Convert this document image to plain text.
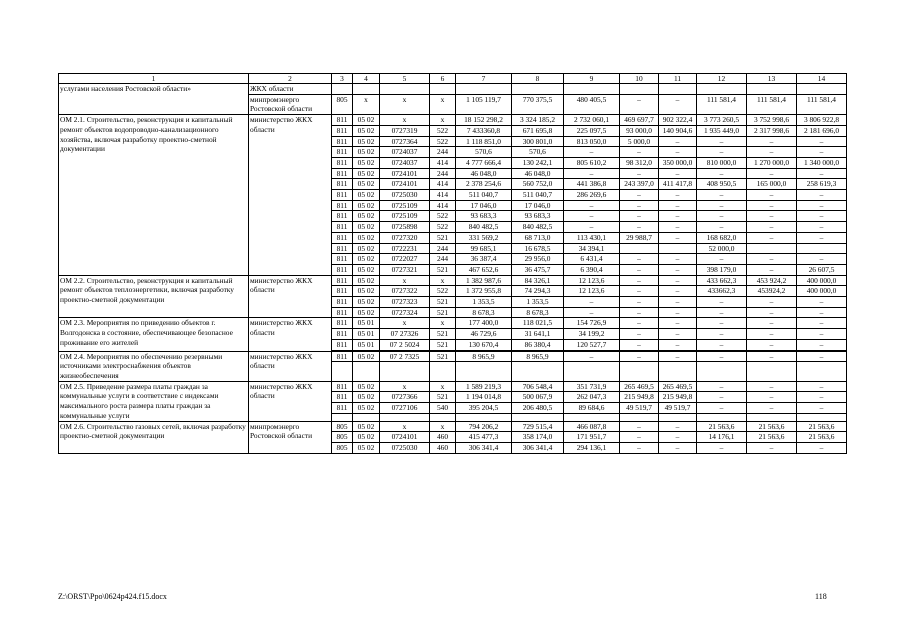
1	2	3	4	5	6	7	8	9	10	11	12	13	14
услугами населения Ростовской области»	ЖКХ области												
	минпромэнерго Ростовской области	805	х	х	х	1 105 119,7	770 375,5	480 405,5	–	–	111 581,4	111 581,4	111 581,4
ОМ 2.1. Строительство, реконструкция и капитальный ремонт объектов водопроводно-канализационного хозяйства, включая разработку проектно-сметной документации	министерство ЖКХ области	811	05 02	х	х	18 152 298,2	3 324 185,2	2 732 060,1	469 697,7	902 322,4	3 773 260,5	3 752 998,6	3 806 922,8
		811	05 02	0727319	522	7 433360,8	671 695,8	225 097,5	93 000,0	140 904,6	1 935 449,0	2 317 998,6	2 181 696,0
		811	05 02	0727364	522	1 118 851,0	300 801,0	813 050,0	5 000,0	–	–	–	–
		811	05 02	0724037	244	570,6	570,6	–	–	–	–	–	–
		811	05 02	0724037	414	4 777 666,4	130 242,1	805 610,2	98 312,0	350 000,0	810 000,0	1 270 000,0	1 340 000,0
		811	05 02	0724101	244	46 048,0	46 048,0	–	–	–	–	–	–
		811	05 02	0724101	414	2 378 254,6	560 752,0	441 386,8	243 397,0	411 417,8	408 950,5	165 000,0	258 619,3
		811	05 02	0725030	414	511 040,7	511 040,7	286 269,6	–	–	–	–	–
		811	05 02	0725109	414	17 046,0	17 046,0	–	–	–	–	–	–
		811	05 02	0725109	522	93 683,3	93 683,3	–	–	–	–	–	–
		811	05 02	0725898	522	840 482,5	840 482,5	–	–	–	–	–	–
		811	05 02	0727320	521	331 569,2	68 713,0	113 430,1	29 988,7	–	168 682,0	–	–
		811	05 02	0722231	244	99 685,1	16 678,5	34 394,1			52 000,0		
		811	05 02	0722027	244	36 387,4	29 956,0	6 431,4	–	–	–	–	–
		811	05 02	0727321	521	467 652,6	36 475,7	6 390,4	–	–	398 179,0	–	26 607,5
ОМ 2.2. Строительство, реконструкция и капитальный ремонт объектов теплоэнергетики, включая разработку проектно-сметной документации	министерство ЖКХ области	811	05 02	х	х	1 382 987,6	84 326,1	12 123,6	–	–	433 662,3	453 924,2	400 000,0
		811	05 02	0727322	522	1 372 955,8	74 294,3	12 123,6	–	–	433662,3	453924,2	400 000,0
		811	05 02	0727323	521	1 353,5	1 353,5	–	–	–	–	–	–
		811	05 02	0727324	521	8 678,3	8 678,3	–	–	–	–	–	–
ОМ 2.3. Мероприятия по приведению объектов г. Волгодонска в состояние, обеспечивающее безопасное проживание его жителей	министерство ЖКХ области	811	05 01	х	х	177 400,0	118 021,5	154 726,9	–	–	–	–	–
		811	05 01	07 27326	521	46 729,6	31 641,1	34 199,2	–	–	–	–	–
		811	05 01	07 2 5024	521	130 670,4	86 380,4	120 527,7	–	–	–	–	–

ОМ 2.4. Мероприятия по обеспечению резервными источниками электроснабжения объектов жизнеобеспечения	министерство ЖКХ области	811	05 02	07 2 7325	521	8 965,9	8 965,9	–	–	–	–	–	–

ОМ 2.5. Приведение размера платы граждан за коммунальные услуги в соответствие с индексами максимального роста размера платы граждан за коммунальные услуги	министерство ЖКХ области	811	05 02	х	х	1 589 219,3	706 548,4	351 731,9	265 469,5	265 469,5	–	–	–
		811	05 02	0727366	521	1 194 014,8	500 067,9	262 047,3	215 949,8	215 949,8	–	–	–
		811	05 02	0727106	540	395 204,5	206 480,5	89 684,6	49 519,7	49 519,7	–	–	–

ОМ 2.6. Строительство газовых сетей, включая разработку проектно-сметной документации	минпромэнерго Ростовской области	805	05 02	х	х	794 206,2	729 515,4	466 087,8	–	–	21 563,6	21 563,6	21 563,6
		805	05 02	0724101	460	415 477,3	358 174,0	171 951,7	–	–	14 176,1	21 563,6	21 563,6
		805	05 02	0725030	460	306 341,4	306 341,4	294 136,1	–	–	–	–	–
Z:\ORST\Ppo\0624p424.f15.docx	118
